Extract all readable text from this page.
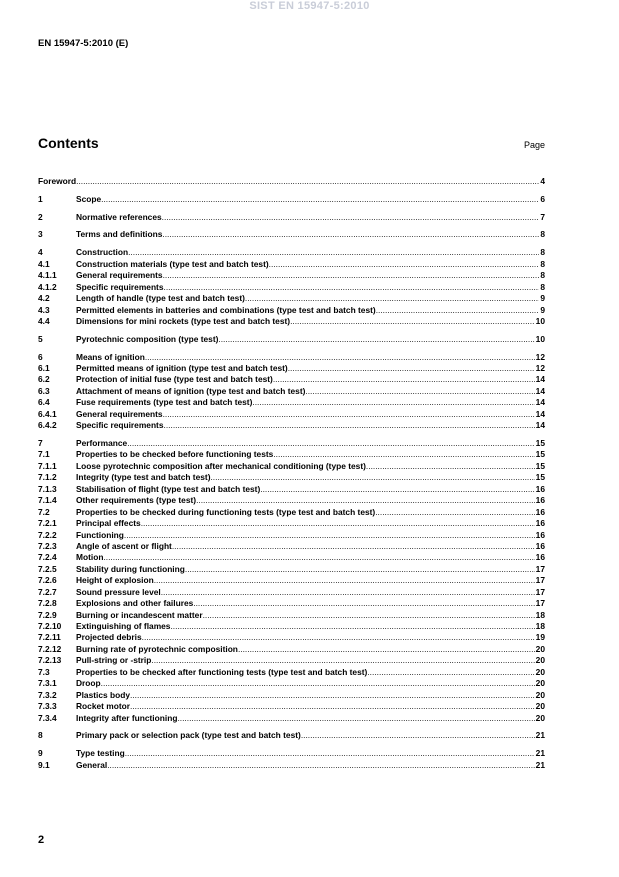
SIST EN 15947-5:2010
EN 15947-5:2010 (E)
Contents	Page
Foreword .....	4
1	Scope .....	6
2	Normative references .....	7
3	Terms and definitions .....	8
4	Construction .....	8
4.1	Construction materials (type test and batch test) .....	8
4.1.1	General requirements .....	8
4.1.2	Specific requirements .....	8
4.2	Length of handle (type test and batch test) .....	9
4.3	Permitted elements in batteries and combinations (type test and batch test) .....	9
4.4	Dimensions for mini rockets (type test and batch test) .....	10
5	Pyrotechnic composition (type test) .....	10
6	Means of ignition .....	12
6.1	Permitted means of ignition (type test and batch test) .....	12
6.2	Protection of initial fuse (type test and batch test) .....	14
6.3	Attachment of means of ignition (type test and batch test) .....	14
6.4	Fuse requirements (type test and batch test) .....	14
6.4.1	General requirements .....	14
6.4.2	Specific requirements .....	14
7	Performance .....	15
7.1	Properties to be checked before functioning tests .....	15
7.1.1	Loose pyrotechnic composition after mechanical conditioning (type test) .....	15
7.1.2	Integrity (type test and batch test) .....	15
7.1.3	Stabilisation of flight (type test and batch test) .....	16
7.1.4	Other requirements (type test) .....	16
7.2	Properties to be checked during functioning tests (type test and batch test) .....	16
7.2.1	Principal effects .....	16
7.2.2	Functioning .....	16
7.2.3	Angle of ascent or flight .....	16
7.2.4	Motion .....	16
7.2.5	Stability during functioning .....	17
7.2.6	Height of explosion .....	17
7.2.7	Sound pressure level .....	17
7.2.8	Explosions and other failures .....	17
7.2.9	Burning or incandescent matter .....	18
7.2.10	Extinguishing of flames .....	18
7.2.11	Projected debris .....	19
7.2.12	Burning rate of pyrotechnic composition .....	20
7.2.13	Pull-string or -strip .....	20
7.3	Properties to be checked after functioning tests (type test and batch test) .....	20
7.3.1	Droop .....	20
7.3.2	Plastics body .....	20
7.3.3	Rocket motor .....	20
7.3.4	Integrity after functioning .....	20
8	Primary pack or selection pack (type test and batch test) .....	21
9	Type testing .....	21
9.1	General .....	21
2
